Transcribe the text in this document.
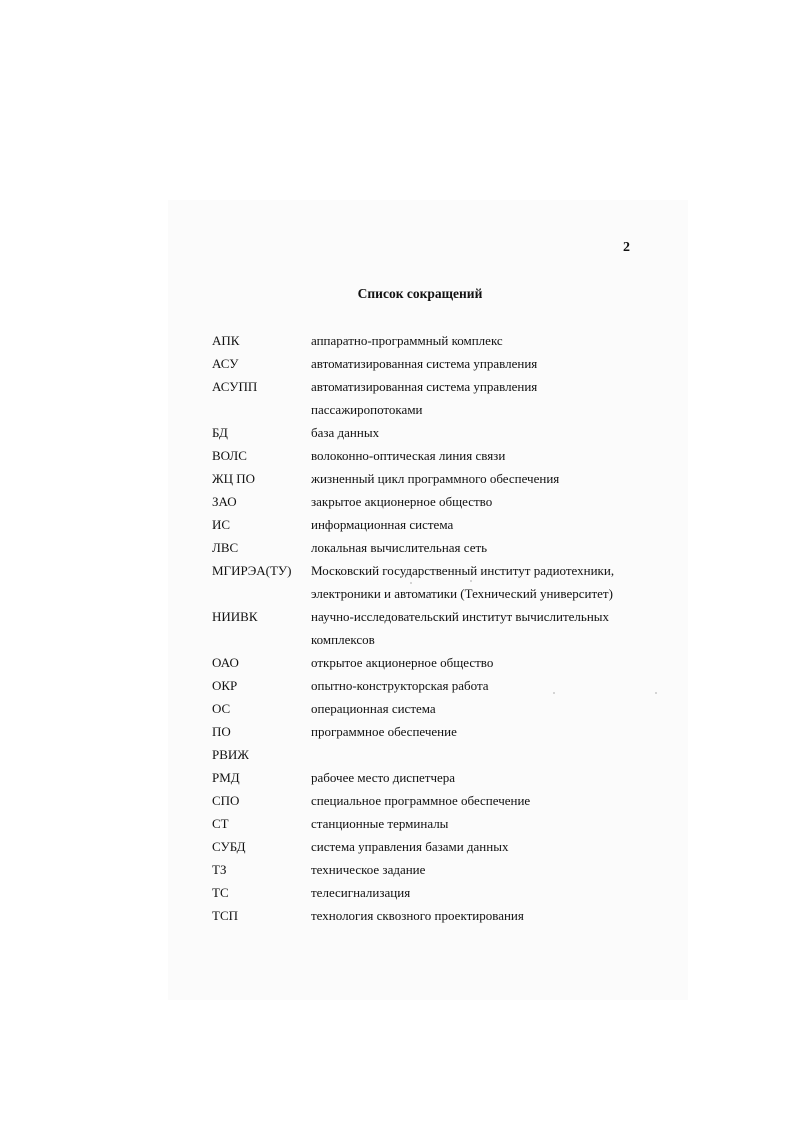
2
Список сокращений
АПК	аппаратно-программный комплекс
АСУ	автоматизированная система управления
АСУПП	автоматизированная система управления
пассажиропотоками
БД	база данных
ВОЛС	волоконно-оптическая линия связи
ЖЦ ПО	жизненный цикл программного обеспечения
ЗАО	закрытое акционерное общество
ИС	информационная система
ЛВС	локальная вычислительная сеть
МГИРЭА(ТУ)	Московский государственный институт радиотехники,
электроники и автоматики (Технический университет)
НИИВК	научно-исследовательский институт вычислительных
комплексов
ОАО	открытое акционерное общество
ОКР	опытно-конструкторская работа
ОС	операционная система
ПО	программное обеспечение
РВИЖ
РМД	рабочее место диспетчера
СПО	специальное программное обеспечение
СТ	станционные терминалы
СУБД	система управления базами данных
ТЗ	техническое задание
ТС	телесигнализация
ТСП	технология сквозного проектирования
